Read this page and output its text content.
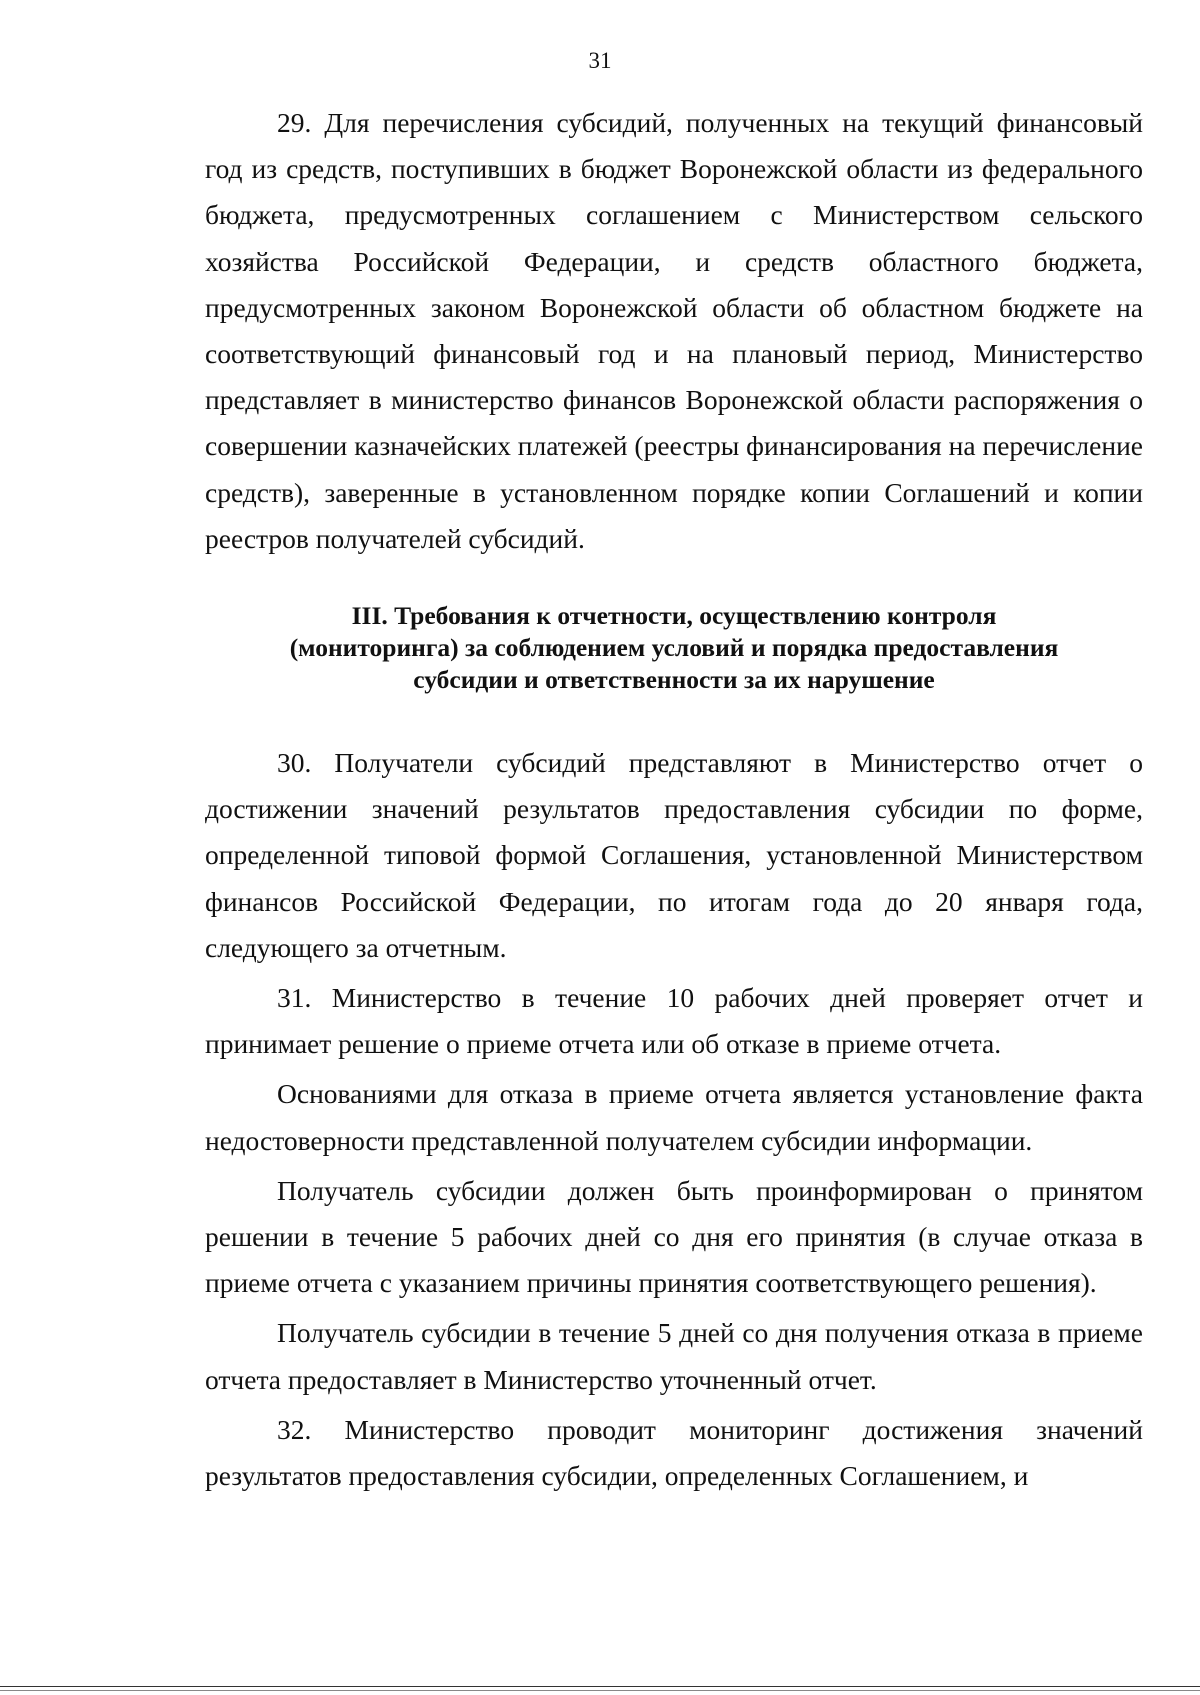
31

29. Для перечисления субсидий, полученных на текущий финансовый год из средств, поступивших в бюджет Воронежской области из федерального бюджета, предусмотренных соглашением с Министерством сельского хозяйства Российской Федерации, и средств областного бюджета, предусмотренных законом Воронежской области об областном бюджете на соответствующий финансовый год и на плановый период, Министерство представляет в министерство финансов Воронежской области распоряжения о совершении казначейских платежей (реестры финансирования на перечисление средств), заверенные в установленном порядке копии Соглашений и копии реестров получателей субсидий.

III. Требования к отчетности, осуществлению контроля
(мониторинга) за соблюдением условий и порядка предоставления
субсидии и ответственности за их нарушение

30. Получатели субсидий представляют в Министерство отчет о достижении значений результатов предоставления субсидии по форме, определенной типовой формой Соглашения, установленной Министерством финансов Российской Федерации, по итогам года до 20 января года, следующего за отчетным.

31. Министерство в течение 10 рабочих дней проверяет отчет и принимает решение о приеме отчета или об отказе в приеме отчета.

Основаниями для отказа в приеме отчета является установление факта недостоверности представленной получателем субсидии информации.

Получатель субсидии должен быть проинформирован о принятом решении в течение 5 рабочих дней со дня его принятия (в случае отказа в приеме отчета с указанием причины принятия соответствующего решения).

Получатель субсидии в течение 5 дней со дня получения отказа в приеме отчета предоставляет в Министерство уточненный отчет.

32. Министерство проводит мониторинг достижения значений результатов предоставления субсидии, определенных Соглашением, и
